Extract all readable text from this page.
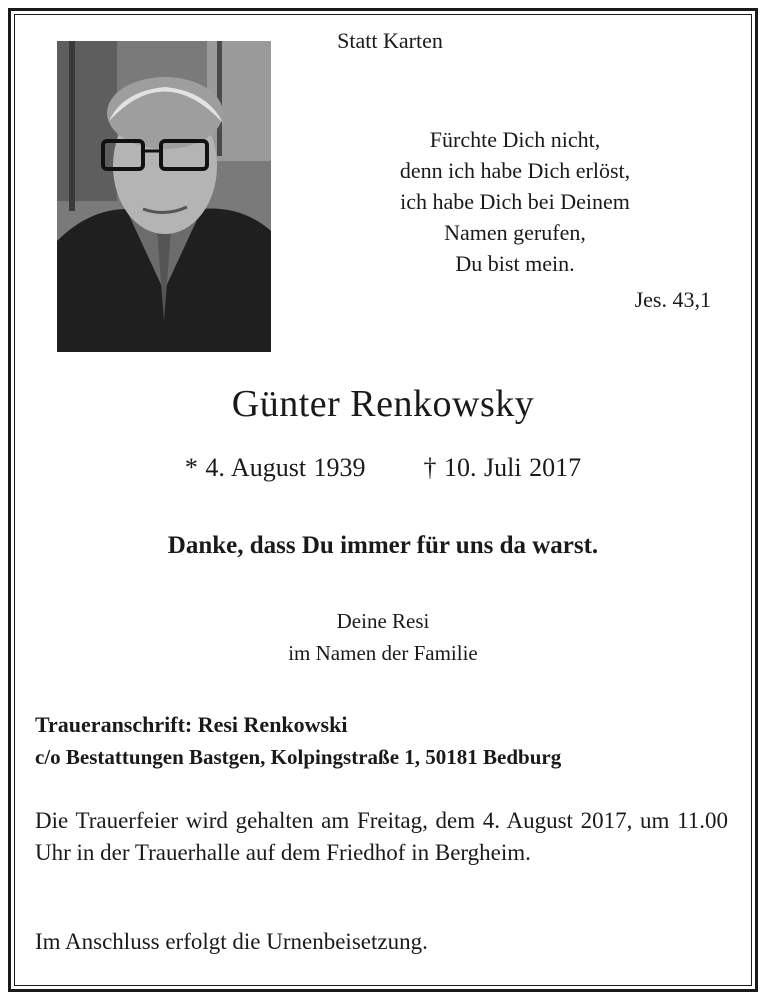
Statt Karten
Fürchte Dich nicht,
denn ich habe Dich erlöst,
ich habe Dich bei Deinem
Namen gerufen,
Du bist mein.
Jes. 43,1
Günter Renkowsky
* 4. August 1939 † 10. Juli 2017
Danke, dass Du immer für uns da warst.
Deine Resi
im Namen der Familie
Traueranschrift: Resi Renkowski
c/o Bestattungen Bastgen, Kolpingstraße 1, 50181 Bedburg
Die Trauerfeier wird gehalten am Freitag, dem 4. August 2017, um 11.00 Uhr in der Trauerhalle auf dem Friedhof in Bergheim.
Im Anschluss erfolgt die Urnenbeisetzung.
